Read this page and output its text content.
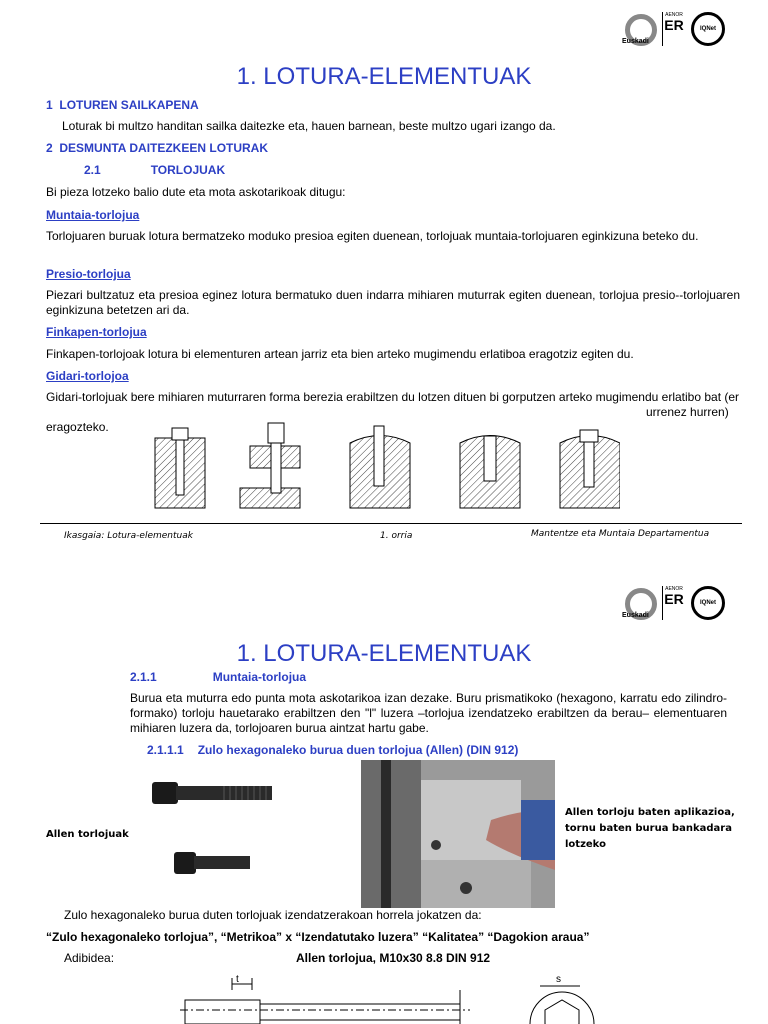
Euskadi
AENOR
ER	IQNet
1. LOTURA-ELEMENTUAK
1 LOTUREN SAILKAPENA
Loturak bi multzo handitan sailka daitezke eta, hauen barnean, beste multzo ugari izango da.
2 DESMUNTA DAITEZKEEN LOTURAK
2.1	TORLOJUAK
Bi pieza lotzeko balio dute eta mota askotarikoak ditugu:
Muntaia-torlojua
Torlojuaren buruak lotura bermatzeko moduko presioa egiten duenean, torlojuak muntaia-torlojuaren eginkizuna beteko du.
Presio-torlojua
Piezari bultzatuz eta presioa eginez lotura bermatuko duen indarra mihiaren muturrak egiten duenean, torlojua presio--torlojuaren eginkizuna betetzen ari da.
Finkapen-torlojua
Finkapen-torlojoak lotura bi elementuren artean jarriz eta bien arteko mugimendu erlatiboa eragotziz egiten du.
Gidari-torlojoa
Gidari-torlojuak bere mihiaren muturraren forma berezia erabiltzen du lotzen dituen bi gorputzen arteko mugimendu erlatibo bat (er
urrenez hurren)
eragozteko.
Ikasgaia: Lotura-elementuak	1. orria	Mantentze eta Muntaia Departamentua
Euskadi
AENOR
ER	IQNet
1. LOTURA-ELEMENTUAK
2.1.1	Muntaia-torlojua
Burua eta muturra edo punta mota askotarikoa izan dezake. Buru prismatikoko (hexagono, karratu edo zilindro-formako) torloju hauetarako erabiltzen den "l" luzera –torlojua izendatzeko erabiltzen da berau– elementuaren mihiaren luzera da, torlojoaren burua aintzat hartu gabe.
2.1.1.1 Zulo hexagonaleko burua duen torlojua (Allen) (DIN 912)
Allen torlojuak
Allen torloju baten aplikazioa, tornu baten burua bankadara lotzeko
Zulo hexagonaleko burua duten torlojuak izendatzerakoan horrela jokatzen da:
“Zulo hexagonaleko torlojua”, “Metrikoa” x “Izendatutako luzera” “Kalitatea” “Dagokion araua”
Adibidea:	Allen torlojua, M10x30 8.8 DIN 912
t	s
